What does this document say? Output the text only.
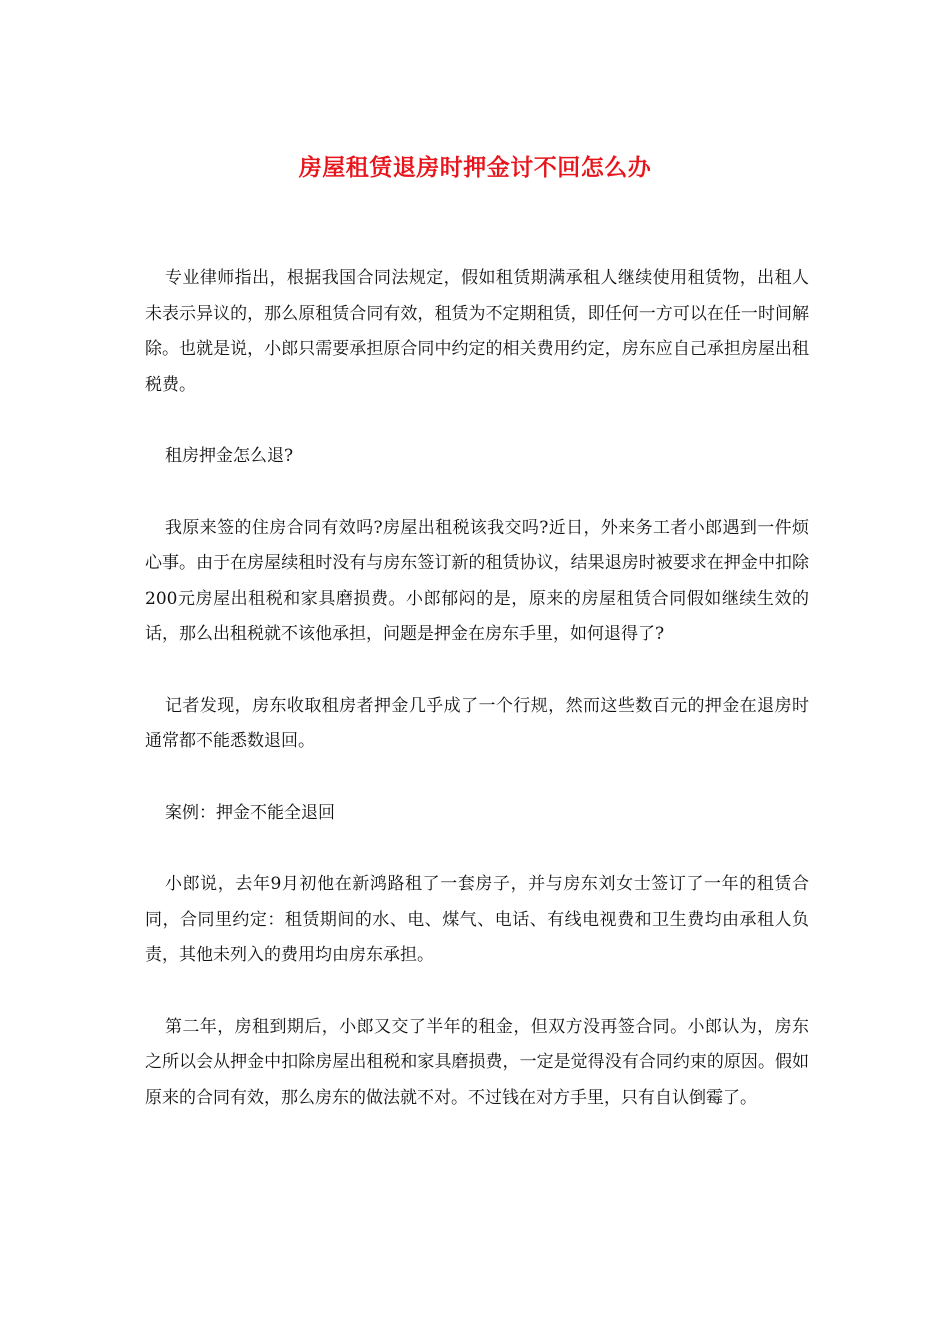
房屋租赁退房时押金讨不回怎么办

专业律师指出，根据我国合同法规定，假如租赁期满承租人继续使用租赁物，出租人未表示异议的，那么原租赁合同有效，租赁为不定期租赁，即任何一方可以在任一时间解除。也就是说，小郎只需要承担原合同中约定的相关费用约定，房东应自己承担房屋出租税费。

租房押金怎么退?

我原来签的住房合同有效吗?房屋出租税该我交吗?近日，外来务工者小郎遇到一件烦心事。由于在房屋续租时没有与房东签订新的租赁协议，结果退房时被要求在押金中扣除200元房屋出租税和家具磨损费。小郎郁闷的是，原来的房屋租赁合同假如继续生效的话，那么出租税就不该他承担，问题是押金在房东手里，如何退得了?

记者发现，房东收取租房者押金几乎成了一个行规，然而这些数百元的押金在退房时通常都不能悉数退回。

案例：押金不能全退回

小郎说，去年9月初他在新鸿路租了一套房子，并与房东刘女士签订了一年的租赁合同，合同里约定：租赁期间的水、电、煤气、电话、有线电视费和卫生费均由承租人负责，其他未列入的费用均由房东承担。

第二年，房租到期后，小郎又交了半年的租金，但双方没再签合同。小郎认为，房东之所以会从押金中扣除房屋出租税和家具磨损费，一定是觉得没有合同约束的原因。假如原来的合同有效，那么房东的做法就不对。不过钱在对方手里，只有自认倒霉了。
